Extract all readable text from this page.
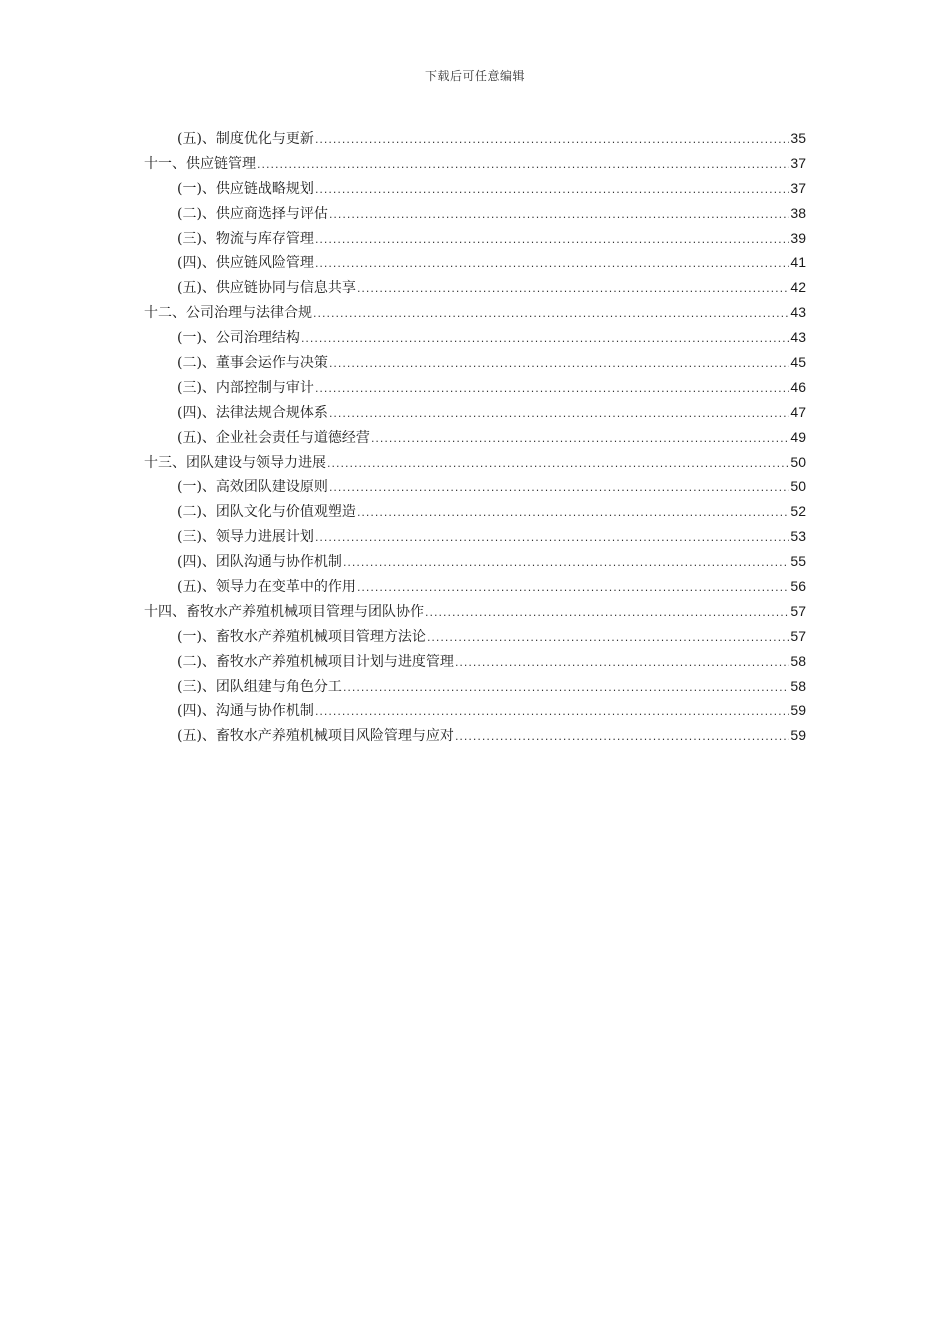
下载后可任意编辑
(五)、制度优化与更新 .....	35
十一、供应链管理 .....	37
(一)、供应链战略规划 .....	37
(二)、供应商选择与评估 .....	38
(三)、物流与库存管理 .....	39
(四)、供应链风险管理 .....	41
(五)、供应链协同与信息共享 .....	42
十二、公司治理与法律合规 .....	43
(一)、公司治理结构 .....	43
(二)、董事会运作与决策 .....	45
(三)、内部控制与审计 .....	46
(四)、法律法规合规体系 .....	47
(五)、企业社会责任与道德经营 .....	49
十三、团队建设与领导力进展 .....	50
(一)、高效团队建设原则 .....	50
(二)、团队文化与价值观塑造 .....	52
(三)、领导力进展计划 .....	53
(四)、团队沟通与协作机制 .....	55
(五)、领导力在变革中的作用 .....	56
十四、畜牧水产养殖机械项目管理与团队协作 .....	57
(一)、畜牧水产养殖机械项目管理方法论 .....	57
(二)、畜牧水产养殖机械项目计划与进度管理 .....	58
(三)、团队组建与角色分工 .....	58
(四)、沟通与协作机制 .....	59
(五)、畜牧水产养殖机械项目风险管理与应对 .....	59
